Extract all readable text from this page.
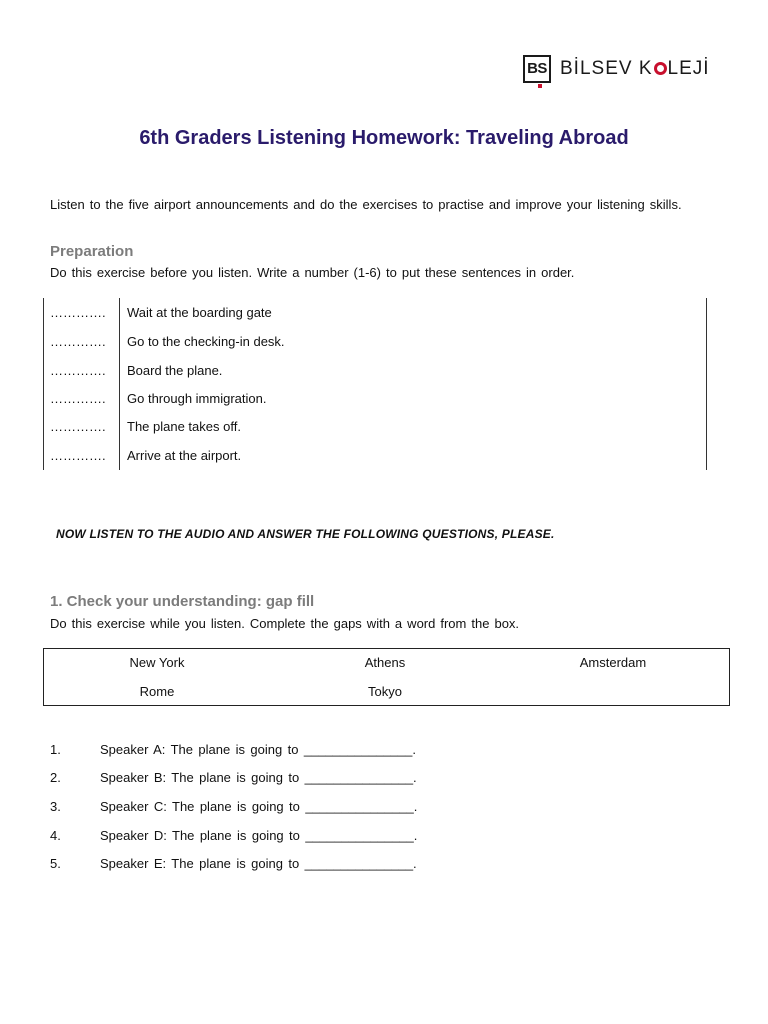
BS BİLSEV K LEJİ
6th Graders Listening Homework: Traveling Abroad
Listen to the five airport announcements and do the exercises to practise and improve your listening skills.
Preparation
Do this exercise before you listen. Write a number (1-6) to put these sentences in order.
…………. Wait at the boarding gate
…………. Go to the checking-in desk.
…………. Board the plane.
…………. Go through immigration.
…………. The plane takes off.
…………. Arrive at the airport.
NOW LISTEN TO THE AUDIO AND ANSWER THE FOLLOWING QUESTIONS, PLEASE.
1. Check your understanding: gap fill
Do this exercise while you listen. Complete the gaps with a word from the box.
New York	Athens	Amsterdam
Rome	Tokyo
1.	Speaker A: The plane is going to _______________.
2.	Speaker B: The plane is going to _______________.
3.	Speaker C: The plane is going to _______________.
4.	Speaker D: The plane is going to _______________.
5.	Speaker E: The plane is going to _______________.
